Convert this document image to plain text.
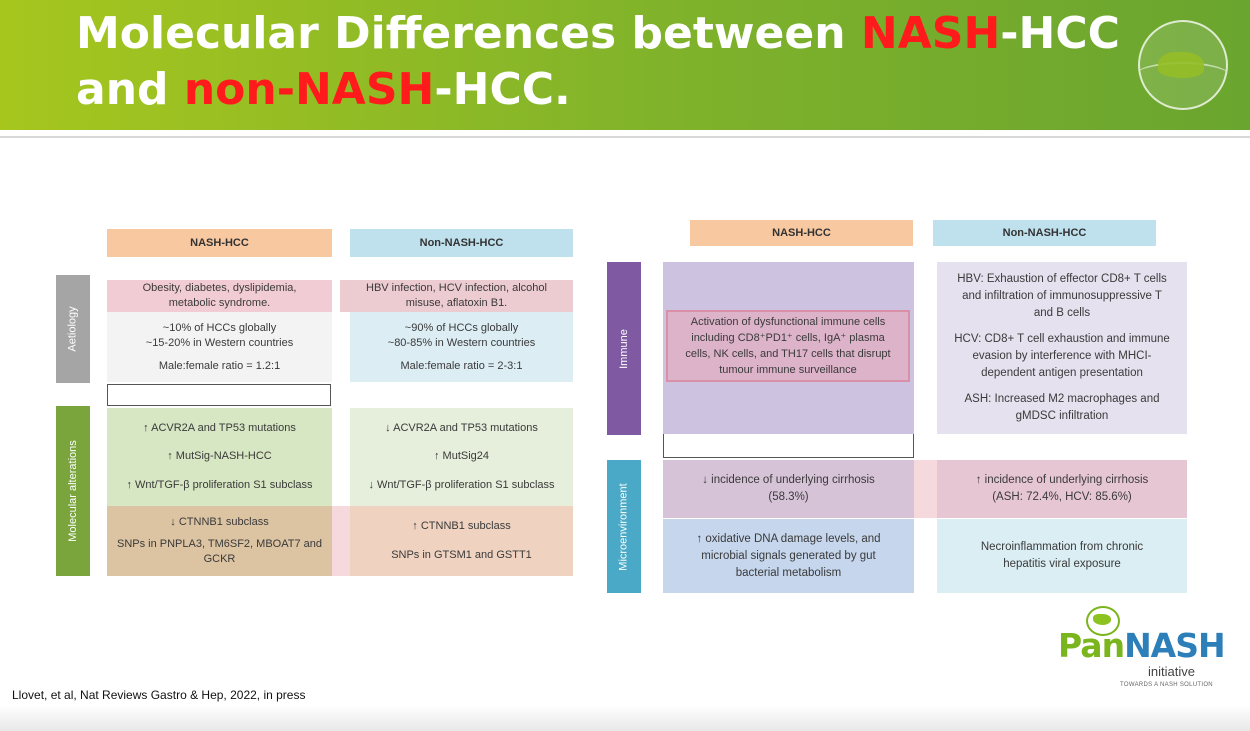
Molecular Differences between NASH-HCC
and non-NASH-HCC.
NASH-HCC	Non-NASH-HCC
Aetiology
Obesity, diabetes, dyslipidemia,
metabolic syndrome.
~10% of HCCs globally
~15-20% in Western countries
Male:female ratio = 1.2:1
HBV infection, HCV infection, alcohol
misuse, aflatoxin B1.
~90% of HCCs globally
~80-85% in Western countries
Male:female ratio = 2-3:1
Molecular alterations
↑ ACVR2A and TP53 mutations
↑ MutSig-NASH-HCC
↑ Wnt/TGF-β proliferation S1 subclass
↓ ACVR2A and TP53 mutations
↑ MutSig24
↓ Wnt/TGF-β proliferation S1 subclass
↓ CTNNB1 subclass
SNPs in PNPLA3, TM6SF2, MBOAT7 and
GCKR
↑ CTNNB1 subclass
SNPs in GTSM1 and GSTT1
NASH-HCC	Non-NASH-HCC
Immune
Activation of dysfunctional immune cells
including CD8⁺PD1⁺ cells, IgA⁺ plasma
cells, NK cells, and TH17 cells that disrupt
tumour immune surveillance
HBV: Exhaustion of effector CD8+ T cells
and infiltration of immunosuppressive T
and B cells
HCV: CD8+ T cell exhaustion and immune
evasion by interference with MHCI-
dependent antigen presentation
ASH: Increased M2 macrophages and
gMDSC infiltration
Microenvironment
↓ incidence of underlying cirrhosis
(58.3%)
↑ incidence of underlying cirrhosis
(ASH: 72.4%, HCV: 85.6%)
↑ oxidative DNA damage levels, and
microbial signals generated by gut
bacterial metabolism
Necroinflammation from chronic
hepatitis viral exposure
Llovet, et al, Nat Reviews Gastro & Hep, 2022, in press
PanNASH
initiative
TOWARDS A NASH SOLUTION
